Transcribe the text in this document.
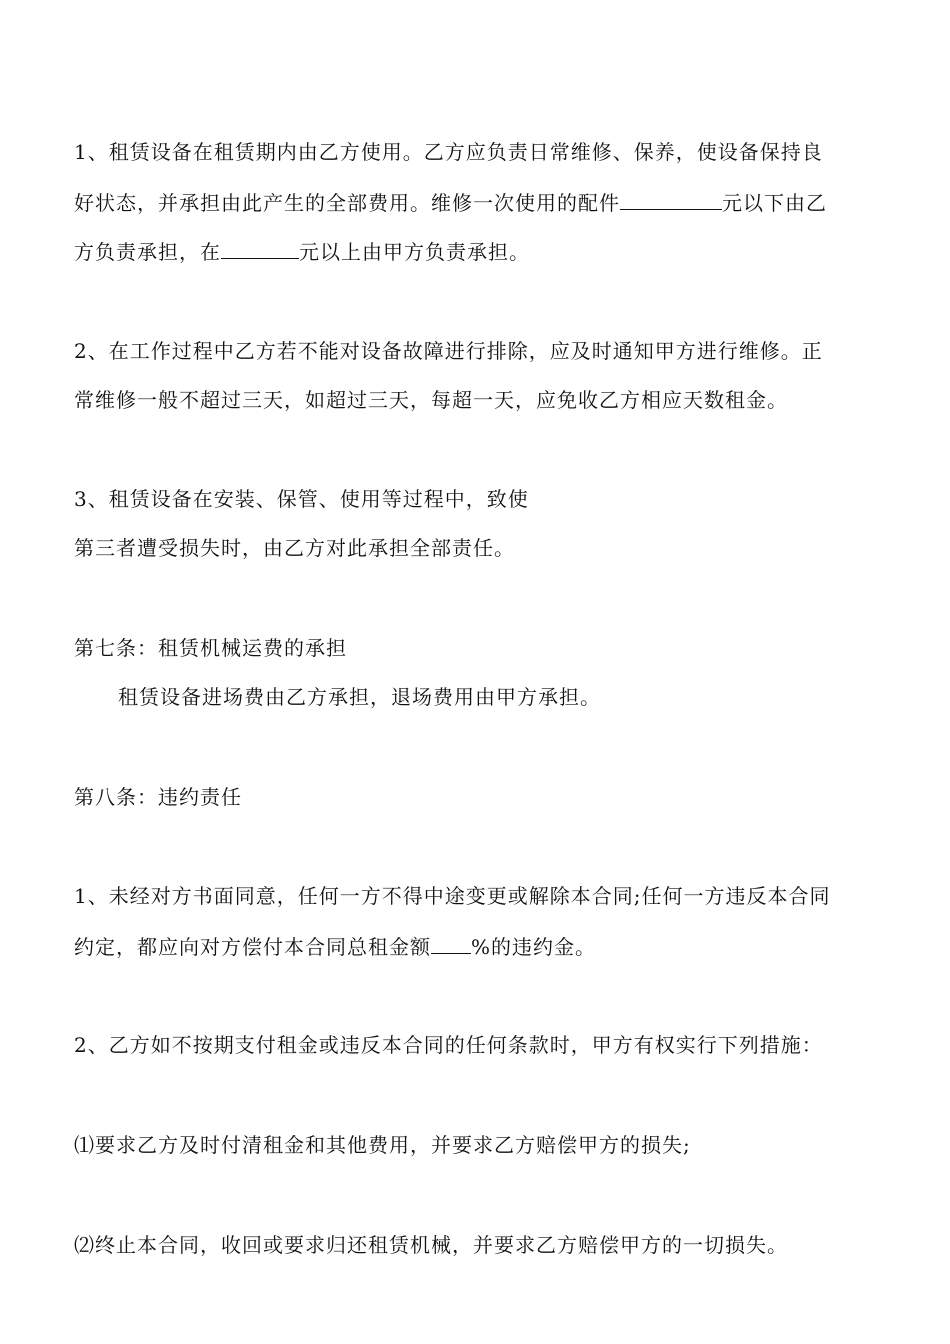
1、租赁设备在租赁期内由乙方使用。乙方应负责日常维修、保养，使设备保持良
好状态，并承担由此产生的全部费用。维修一次使用的配件	元以下由乙
方负责承担，在	元以上由甲方负责承担。
2、在工作过程中乙方若不能对设备故障进行排除，应及时通知甲方进行维修。正
常维修一般不超过三天，如超过三天，每超一天，应免收乙方相应天数租金。
3、租赁设备在安装、保管、使用等过程中，致使
第三者遭受损失时，由乙方对此承担全部责任。
第七条：租赁机械运费的承担
租赁设备进场费由乙方承担，退场费用由甲方承担。
第八条：违约责任
1、未经对方书面同意，任何一方不得中途变更或解除本合同;任何一方违反本合同
约定，都应向对方偿付本合同总租金额 %的违约金。
2、乙方如不按期支付租金或违反本合同的任何条款时，甲方有权实行下列措施：
⑴要求乙方及时付清租金和其他费用，并要求乙方赔偿甲方的损失;
⑵终止本合同，收回或要求归还租赁机械，并要求乙方赔偿甲方的一切损失。
